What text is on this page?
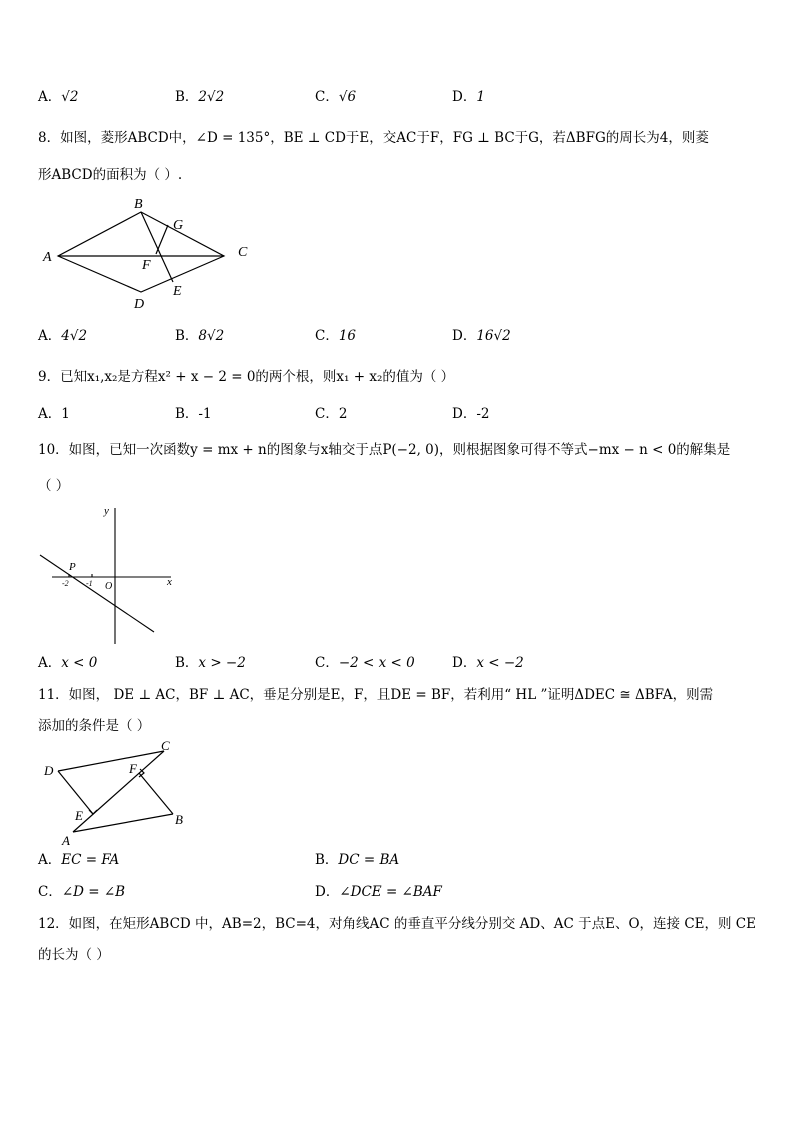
A．√2	B．2√2	C．√6	D．1
8．如图，菱形ABCD中，∠D = 135°，BE ⊥ CD于E，交AC于F，FG ⊥ BC于G，若ΔBFG的周长为4，则菱
形ABCD的面积为（ ）.
A
B
C
D
E
F
G
A．4√2	B．8√2	C．16	D．16√2
9．已知x₁,x₂是方程x² + x − 2 = 0的两个根，则x₁ + x₂的值为（ ）
A．1	B．-1	C．2	D．-2
10．如图，已知一次函数y = mx + n的图象与x轴交于点P(−2, 0)，则根据图象可得不等式−mx − n < 0的解集是
（ ）
y
x
O
P
-2 -1
A．x < 0	B．x > −2	C．−2 < x < 0	D．x < −2
11．如图， DE ⊥ AC，BF ⊥ AC，垂足分别是E，F，且DE = BF，若利用“ HL ”证明ΔDEC ≅ ΔBFA，则需
添加的条件是（ ）
A
B
C
D
E
F
A．EC = FA	B．DC = BA
C．∠D = ∠B	D．∠DCE = ∠BAF
12．如图，在矩形ABCD 中，AB=2，BC=4，对角线AC 的垂直平分线分别交 AD、AC 于点E、O，连接 CE，则 CE
的长为（ ）
